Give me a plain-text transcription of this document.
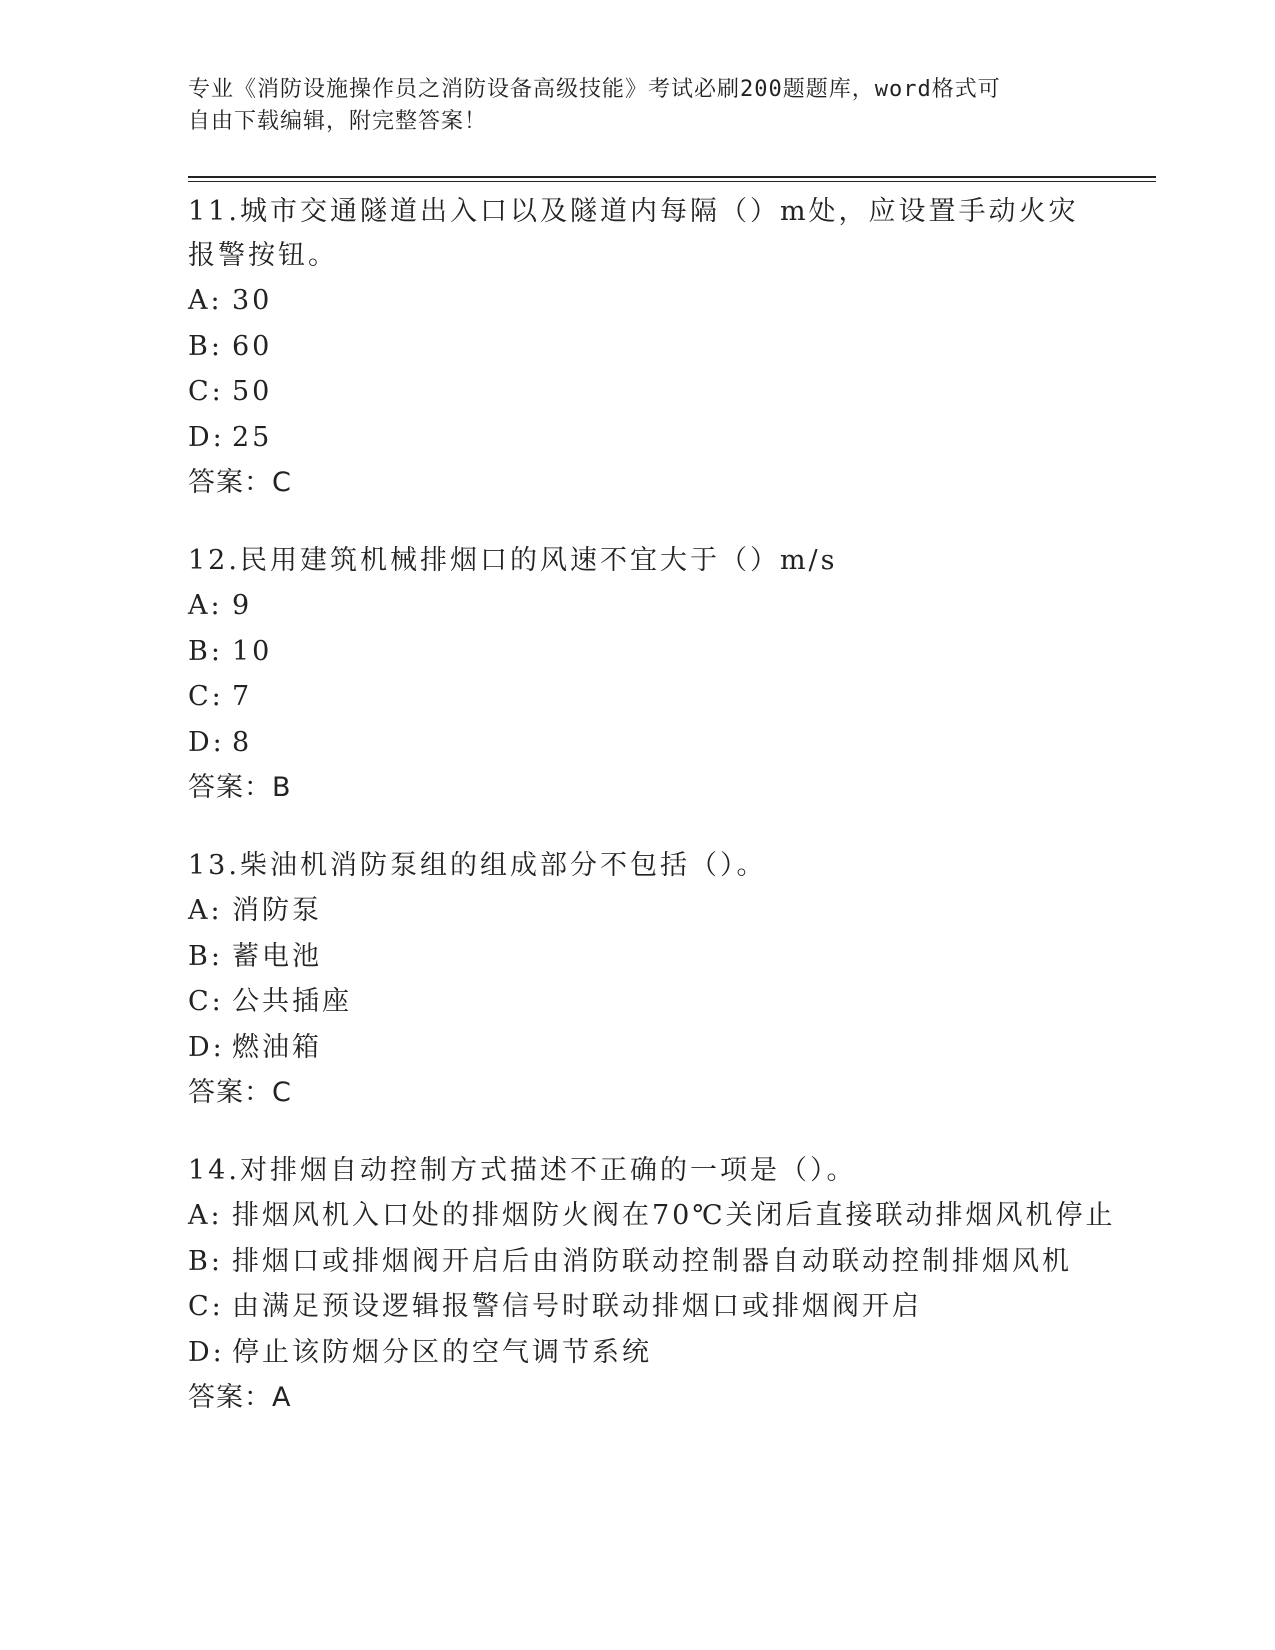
专业《消防设施操作员之消防设备高级技能》考试必刷200题题库，word格式可
自由下载编辑，附完整答案！

11.城市交通隧道出入口以及隧道内每隔（）m处，应设置手动火灾报警按钮。

A: 30

B: 60

C: 50

D: 25

答案：C

12.民用建筑机械排烟口的风速不宜大于（）m/s

A: 9

B: 10

C: 7

D: 8

答案：B

13.柴油机消防泵组的组成部分不包括（）。

A: 消防泵

B: 蓄电池

C: 公共插座

D: 燃油箱

答案：C

14.对排烟自动控制方式描述不正确的一项是（）。

A: 排烟风机入口处的排烟防火阀在70℃关闭后直接联动排烟风机停止

B: 排烟口或排烟阀开启后由消防联动控制器自动联动控制排烟风机

C: 由满足预设逻辑报警信号时联动排烟口或排烟阀开启

D: 停止该防烟分区的空气调节系统

答案：A
